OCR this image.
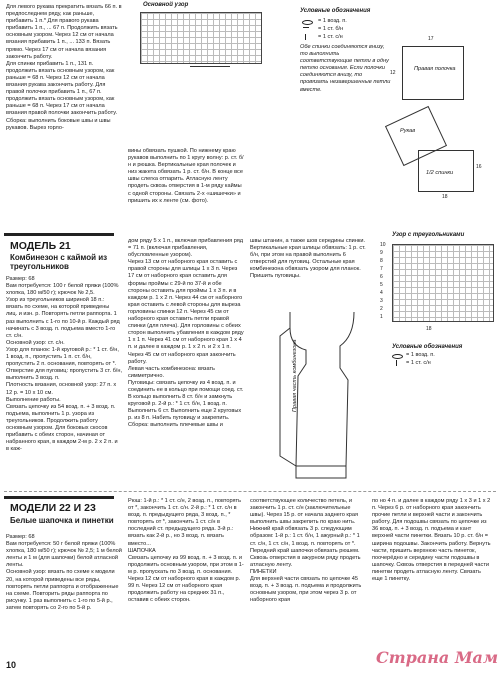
Для левого рукава прекратить вязать 66 п. в предпоследнем ряду, как раньше, прибавить 1 п.* Для правого рукава прибавить 1 п., ... 67 п. Продолжить вязать основным узором. Через 12 см от начала вязания прибавить 1 п., ... 133 п. Вязать прямо. Через 17 см от начала вязания закончить работу.
Для спинки прибавить 1 п., 131 п. продолжить вязать основным узором, как раньше = 68 п. Через 12 см от начала вязания рукава закончить работу. Для правой полочки прибавить 1 п., 67 п. продолжить вязать основным узором, как раньше = 68 п. Через 17 см от начала вязания правой полочки закончить работу.
Сборка: выполнить боковые швы и швы рукавов. Вырез горло-
Основной узор
Условные обозначения
= 1 возд. п.
= 1 ст. б/н
= 1 ст. с/н
Обе спинки соединяются внизу, то выполнить соответствующие петли в одну петлю основания. Если полочки соединяются внизу, то провязать незавершенные петли вместе.
Правая полочка
1/2 спинки
Рукав
17
12
18
16
вины обвязать пушкой. По нижнему краю рукавов выполнить по 1 кругу волну: р. ст. б/н и рюшка. Вертикальные края полочек и низ жакета обвязать 1 р. ст. б/н. В конце все швы слегка отпарить. Атласную ленту продеть сквозь отверстия в 1-м ряду каймы с одной стороны. Связать 2-х «шишечки» и пришить их к ленте (см. фото).
МОДЕЛЬ 21
Комбинезон с каймой из треугольников
Размер: 68
Вам потребуется: 100 г белой пряжи (100% хлопка, 180 м/50 г); крючок № 2,5.
Узор из треугольников шириной 18 п.: вязать по схеме, на которой приведены лиц. и изн. р. Повторять петли раппорта. 1 раз выполнить с 1-го по 10-й р. Каждый ряд начинать с 3 возд. п. подъема вместо 1-го ст. с/н.
Основной узор: ст. с/н.
Узор для планок: 1-й круговой р.: * 1 ст. б/н, 1 возд. п., пропустить 1 п. ст. б/н, пропустить 2 п. основания, повторять от *.
Отверстие для пуговиц: пропустить 3 ст. б/н, выполнить 3 возд. п.
Плотность вязания, основной узор: 27 п. x 12 р. = 10 x 10 см.
Выполнение работы.
Связать цепочку из 54 возд. п. + 3 возд. п. подъема, выполнить 1 р. узора из треугольников. Продолжить работу основным узором. Для боковых скосов прибавить с обеих сторон, начиная от набранного края, в каждом 2-м р. 2 x 2 п. и в каж-
дом ряду 5 x 1 п., включая прибавления ряд = 71 п. (включая прибавления, обусловленные узором).
Через 13 см от наборного края оставить с правой стороны для шлицы 1 x 3 п. Через 17 см от наборного края оставить для формы проймы с 29-й по 37-й и обе стороны оставить для проймы 1 x 3 п. и в каждом р. 1 x 2 п. Через 44 см от наборного края оставить с левой стороны для выреза горловины спинки 12 п. Через 45 см от наборного края оставить петли правой спинки (для плеча). Для горловины с обеих сторон выполнить убавления в каждом ряду 1 x 1 п. Через 41 см от наборного края 1 x 4 п. и далее в каждом р. 1 x 2 п. и 2 x 1 п. Через 45 см от наборного края закончить работу.
Левая часть комбинезона: вязать симметрично.
Пуговицы: связать цепочку из 4 возд. п. и соединить ее в кольцо при помощи соед. ст. В кольцо выполнить 8 ст. б/н и замкнуть круговой р. 2-й р.: * 1 ст. б/н, 1 возд. п. Выполнить 6 ст. Выполнить еще 2 круговых р. из 8 п. Набить пуговицу и закрепить.
Сборка: выполнить плечевые швы и
швы штанин, а также шов середины спинки. Вертикальные края шлицы обвязать: 1 р. ст. б/н, при этом на правой выполнить 6 отверстий для пуговиц. Остальные края комбинезона обвязать узором для планок. Пришить пуговицы.
Узор с треугольниками
10
9
8
7
6
5
4
3
2
1
18
Условные обозначения
= 1 возд. п.
= 1 ст. с/н
Правая часть комбинезона
МОДЕЛИ 22 И 23
Белые шапочка и пинетки
Размер: 68
Вам потребуется: 50 г белой пряжи (100% хлопка, 180 м/50 г); крючок № 2,5; 1 м белой ленты и 1 м (для шапочки) белой атласной ленты.
Основной узор: вязать по схеме к модели 20, на которой приведены все ряды, повторять петли раппорта и отображенные на схеме. Повторить ряды раппорта по рисунку. 1 раз выполнить с 1-го по 5-й р., затем повторять со 2-го по 5-й р.
Рюш: 1-й р.: * 1 ст. с/н, 2 возд. п., повторять от *, закончить 1 ст. с/н. 2-й р.: * 1 ст. с/н в возд. п. предыдущего ряда, 3 возд. п., * повторять от *, закончить 1 ст. с/н в последний ст. предыдущего ряда. 3-й р.: вязать как 2-й р., но 3 возд. п. вязать вместо...
ШАПОЧКА
Связать цепочку из 99 возд. п. + 3 возд. п. и продолжить основным узором, при этом в 1-м р. пропускать по 3 возд. п. основания. Через 12 см от наборного края в каждом р. 99 п. Через 12 см от наборного края продолжить работу на средних 31 п., оставив с обеих сторон.
соответствующее количество петель, и закончить 1 р. ст. с/н (заключительные швы). Через 15 р. от начала заднего края выполнить швы закрепить по краю нить. Нижний край обвязать 3 р. следующим образом: 1-й р.: 1 ст. б/н, 1 ажурный р.: * 1 ст. с/н, 1 ст. с/н, 1 возд. п. повторять от *. Передний край шапочки обвязать рюшем. Сквозь отверстия в ажурном ряду продеть атласную ленту.
ПИНЕТКИ
Для верхней части связать по цепочке 45 возд. п. + 3 возд. п. подъема и продолжить основным узором, при этом через 3 р. от наборного края
по но 4 п. и далее в каждом ряду 1 x 3 и 1 x 2 п. Через 6 р. от наборного края закончить прочие петли и верхней части и закончить работу. Для подошвы связать по цепочке из 36 возд. п. + 3 возд. п. подъема и кант верхней части пинетки. Вязать 10 р. ст. б/н = ширина подошвы. Закончить работу. Вернуть части, пришить верхнюю часть пинеток, поочерёдно и середину части подошвы в шапочку. Сквозь отверстия в передней части пинетки продеть атласную ленту. Связать еще 1 пинетку.
10	Страна Мам
